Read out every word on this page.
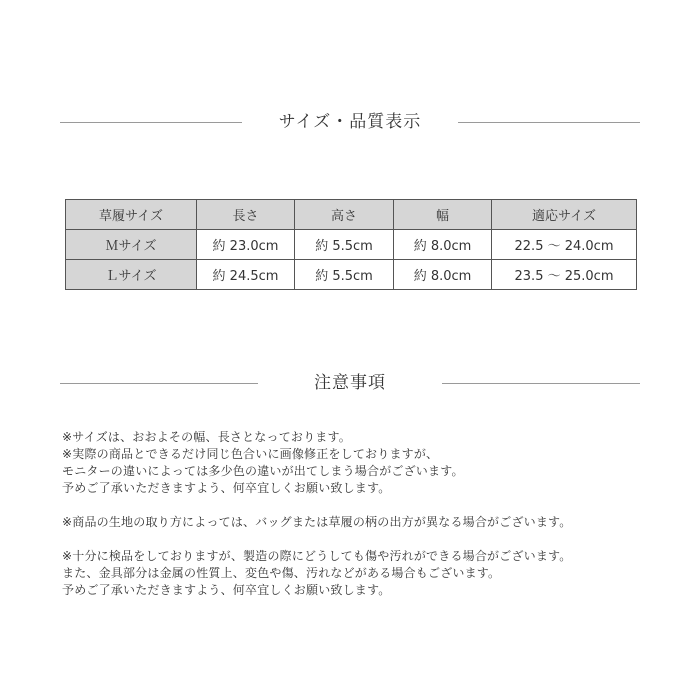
サイズ・品質表示
草履サイズ	長さ	高さ	幅	適応サイズ
Ｍサイズ	約 23.0cm	約 5.5cm	約 8.0cm	22.5 ～ 24.0cm
Ｌサイズ	約 24.5cm	約 5.5cm	約 8.0cm	23.5 ～ 25.0cm
注意事項

※サイズは、おおよその幅、長さとなっております。
※実際の商品とできるだけ同じ色合いに画像修正をしておりますが、
モニターの違いによっては多少色の違いが出てしまう場合がございます。
予めご了承いただきますよう、何卒宜しくお願い致します。

※商品の生地の取り方によっては、バッグまたは草履の柄の出方が異なる場合がございます。

※十分に検品をしておりますが、製造の際にどうしても傷や汚れができる場合がございます。
また、金具部分は金属の性質上、変色や傷、汚れなどがある場合もございます。
予めご了承いただきますよう、何卒宜しくお願い致します。
